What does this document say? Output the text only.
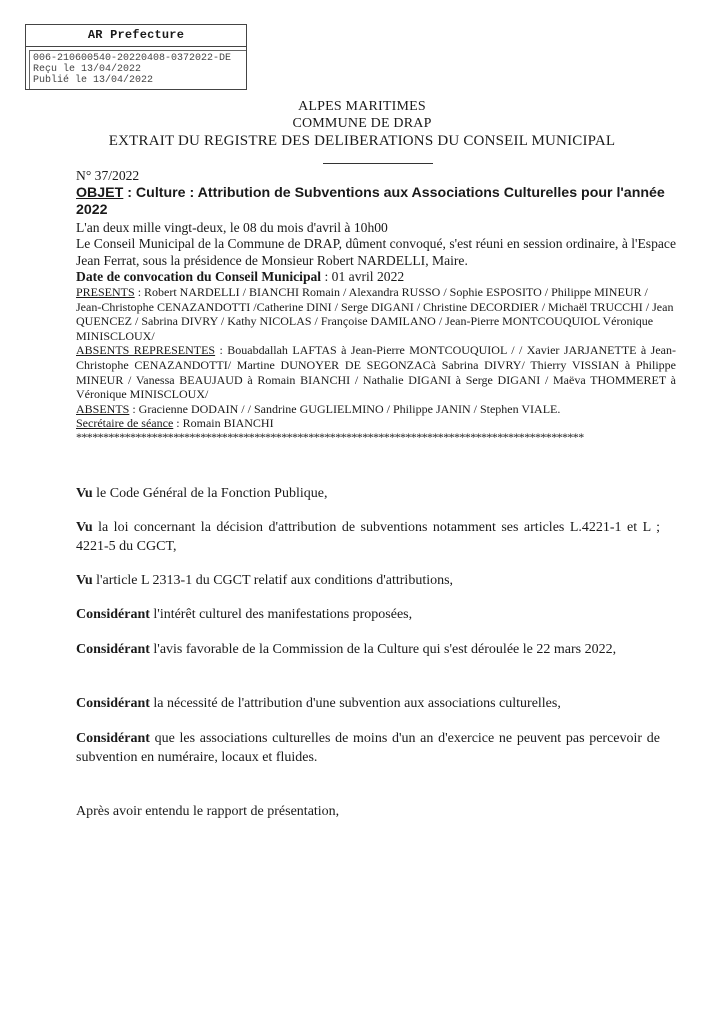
AR Prefecture
006-210600540-20220408-0372022-DE
Reçu le 13/04/2022
Publié le 13/04/2022
ALPES MARITIMES
COMMUNE DE DRAP
EXTRAIT DU REGISTRE DES DELIBERATIONS DU CONSEIL MUNICIPAL
N° 37/2022
OBJET : Culture : Attribution de Subventions aux Associations Culturelles pour l'année 2022
L'an deux mille vingt-deux, le 08 du mois d'avril à 10h00
Le Conseil Municipal de la Commune de DRAP, dûment convoqué, s'est réuni en session ordinaire, à l'Espace Jean Ferrat, sous la présidence de Monsieur Robert NARDELLI, Maire.
Date de convocation du Conseil Municipal : 01 avril 2022
PRESENTS : Robert NARDELLI / BIANCHI Romain / Alexandra RUSSO / Sophie ESPOSITO / Philippe MINEUR / Jean-Christophe CENAZANDOTTI /Catherine DINI / Serge DIGANI / Christine DECORDIER / Michaël TRUCCHI / Jean QUENCEZ / Sabrina DIVRY / Kathy NICOLAS / Françoise DAMILANO / Jean-Pierre MONTCOUQUIOL Véronique MINISCLOUX/
ABSENTS REPRESENTES : Bouabdallah LAFTAS à Jean-Pierre MONTCOUQUIOL / / Xavier JARJANETTE à Jean-Christophe CENAZANDOTTI/ Martine DUNOYER DE SEGONZACà Sabrina DIVRY/ Thierry VISSIAN à Philippe MINEUR / Vanessa BEAUJAUD à Romain BIANCHI / Nathalie DIGANI à Serge DIGANI / Maëva THOMMERET à Véronique MINISCLOUX/
ABSENTS : Gracienne DODAIN / / Sandrine GUGLIELMINO / Philippe JANIN / Stephen VIALE.
Secrétaire de séance : Romain BIANCHI
**********************************************************************************************
Vu le Code Général de la Fonction Publique,
Vu la loi concernant la décision d'attribution de subventions notamment ses articles L.4221-1 et L ; 4221-5 du CGCT,
Vu l'article L 2313-1 du CGCT relatif aux conditions d'attributions,
Considérant l'intérêt culturel des manifestations proposées,
Considérant l'avis favorable de la Commission de la Culture qui s'est déroulée le 22 mars 2022,
Considérant la nécessité de l'attribution d'une subvention aux associations culturelles,
Considérant que les associations culturelles de moins d'un an d'exercice ne peuvent pas percevoir de subvention en numéraire, locaux et fluides.
Après avoir entendu le rapport de présentation,
